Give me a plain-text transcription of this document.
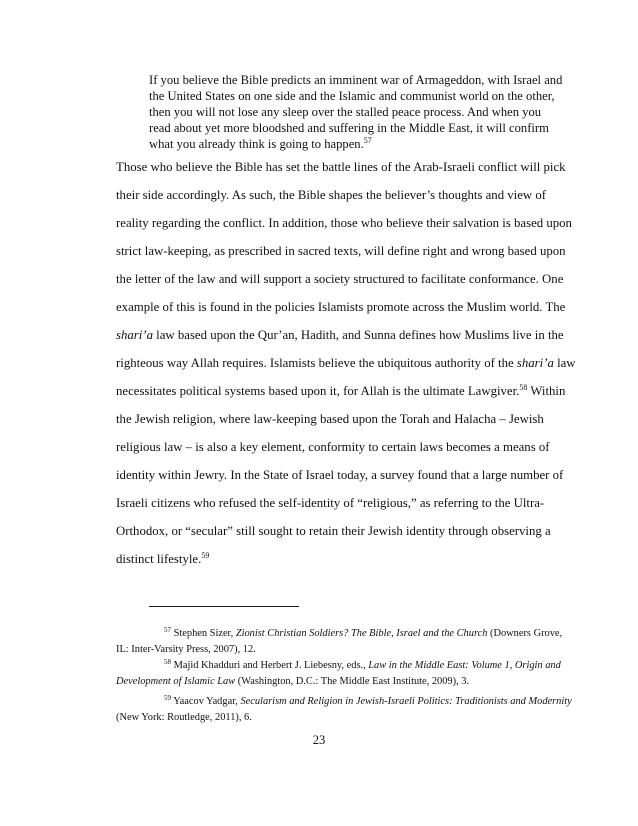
If you believe the Bible predicts an imminent war of Armageddon, with Israel and
the United States on one side and the Islamic and communist world on the other,
then you will not lose any sleep over the stalled peace process. And when you
read about yet more bloodshed and suffering in the Middle East, it will confirm
what you already think is going to happen.$^{57}$
Those who believe the Bible has set the battle lines of the Arab-Israeli conflict will pick
their side accordingly. As such, the Bible shapes the believer’s thoughts and view of
reality regarding the conflict. In addition, those who believe their salvation is based upon
strict law-keeping, as prescribed in sacred texts, will define right and wrong based upon
the letter of the law and will support a society structured to facilitate conformance. One
example of this is found in the policies Islamists promote across the Muslim world. The
shari’a law based upon the Qur’an, Hadith, and Sunna defines how Muslims live in the
righteous way Allah requires. Islamists believe the ubiquitous authority of the shari’a law
necessitates political systems based upon it, for Allah is the ultimate Lawgiver.$^{58}$ Within
the Jewish religion, where law-keeping based upon the Torah and Halacha – Jewish
religious law – is also a key element, conformity to certain laws becomes a means of
identity within Jewry. In the State of Israel today, a survey found that a large number of
Israeli citizens who refused the self-identity of “religious,” as referring to the Ultra-
Orthodox, or “secular” still sought to retain their Jewish identity through observing a
distinct lifestyle.$^{59}$
$^{57}$ Stephen Sizer, Zionist Christian Soldiers? The Bible, Israel and the Church (Downers Grove,
IL: Inter-Varsity Press, 2007), 12.
$^{58}$ Majid Khadduri and Herbert J. Liebesny, eds., Law in the Middle East: Volume 1, Origin and
Development of Islamic Law (Washington, D.C.: The Middle East Institute, 2009), 3.
$^{59}$ Yaacov Yadgar, Secularism and Religion in Jewish-Israeli Politics: Traditionists and Modernity
(New York: Routledge, 2011), 6.
23
